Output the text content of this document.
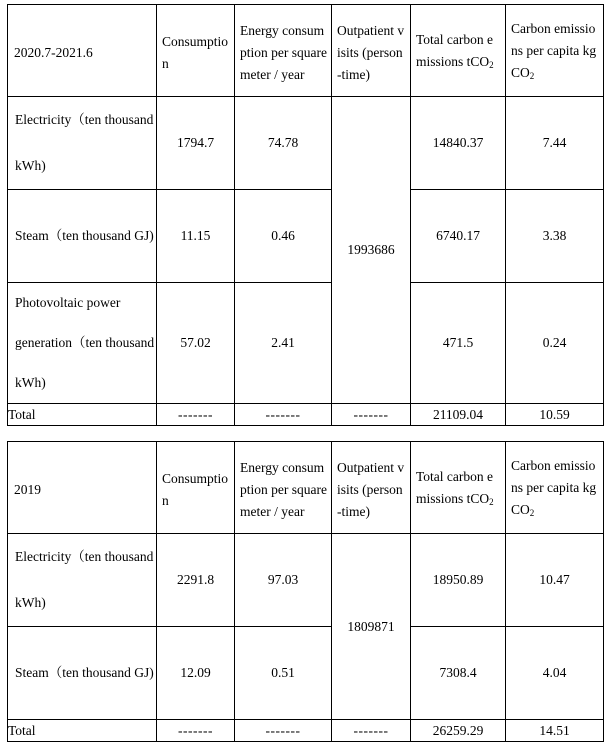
2020.7-2021.6	Consumption	Energy consumption per square meter / year	Outpatient visits (person-time)	Total carbon emissions tCO$_2$	Carbon emissions per capita kgCO$_2$

Electricity（ten thousand kWh)	1794.7	74.78	1993686	14840.37	7.44

Steam（ten thousand GJ)	11.15	0.46		6740.17	3.38

Photovoltaic power generation（ten thousand kWh)	57.02	2.41		471.5	0.24
Total	-------	-------	-------	21109.04	10.59
2019	Consumption	Energy consumption per square meter / year	Outpatient visits (person-time)	Total carbon emissions tCO$_2$	Carbon emissions per capita kgCO$_2$

Electricity（ten thousand kWh)	2291.8	97.03	1809871	18950.89	10.47

Steam（ten thousand GJ)	12.09	0.51		7308.4	4.04
Total	-------	-------	-------	26259.29	14.51
